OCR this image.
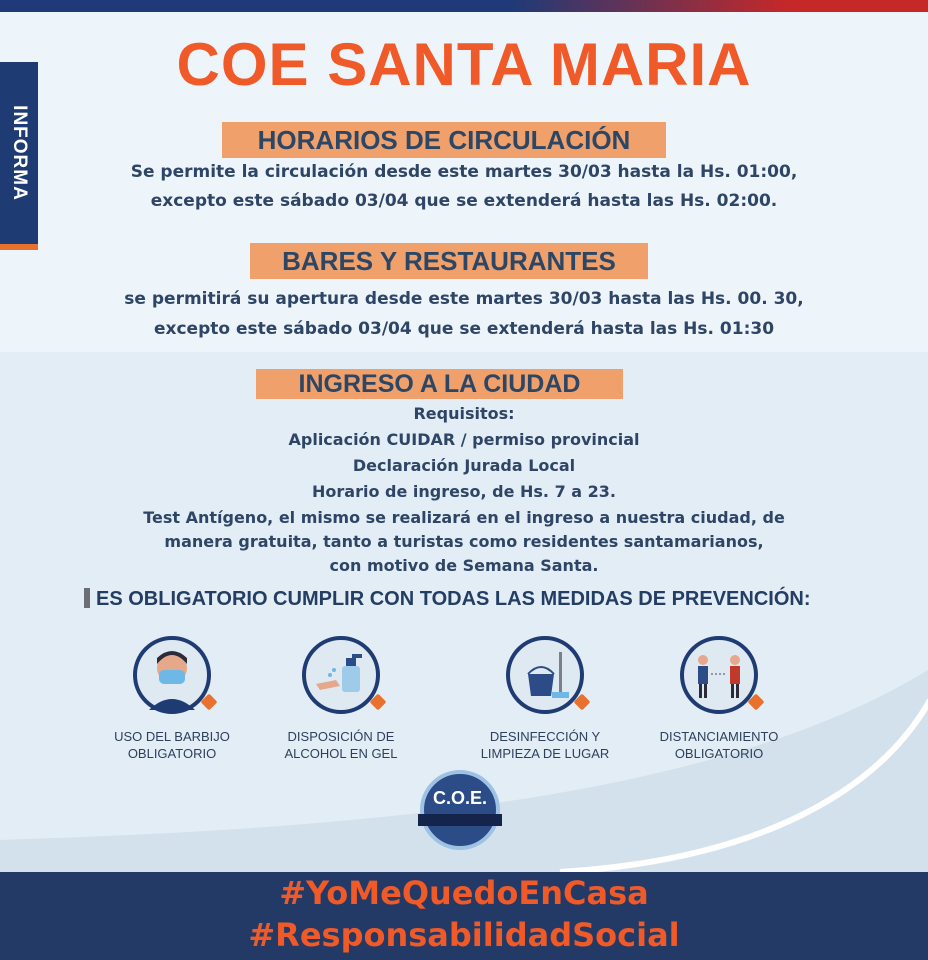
INFORMA
COE SANTA MARIA
HORARIOS DE CIRCULACIÓN
Se permite la circulación desde este martes 30/03 hasta la Hs. 01:00,
excepto este sábado 03/04 que se extenderá hasta las Hs. 02:00.
BARES Y RESTAURANTES
se permitirá su apertura desde este martes 30/03 hasta las Hs. 00. 30,
excepto este sábado 03/04 que se extenderá hasta las Hs. 01:30
INGRESO A LA CIUDAD
Requisitos:
Aplicación CUIDAR / permiso provincial
Declaración Jurada Local
Horario de ingreso, de Hs. 7 a 23.
Test Antígeno, el mismo se realizará en el ingreso a nuestra ciudad, de
manera gratuita, tanto a turistas como residentes santamarianos,
con motivo de Semana Santa.
ES OBLIGATORIO CUMPLIR CON TODAS LAS MEDIDAS DE PREVENCIÓN:
USO DEL BARBIJO
OBLIGATORIO
DISPOSICIÓN DE
ALCOHOL EN GEL
DESINFECCIÓN Y
LIMPIEZA DE LUGAR
DISTANCIAMIENTO
OBLIGATORIO
C.O.E.
#YoMeQuedoEnCasa
#ResponsabilidadSocial
